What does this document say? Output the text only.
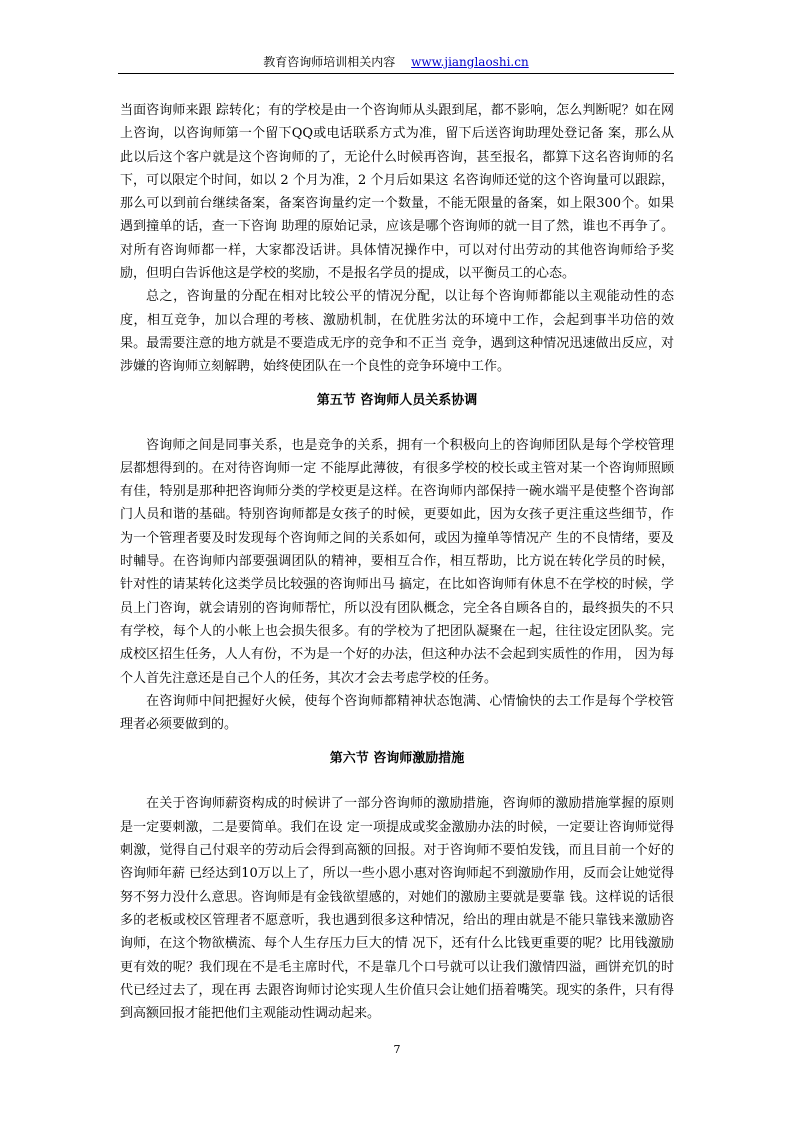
教育咨询师培训相关内容 www.jianglaoshi.cn

当面咨询师来跟 踪转化；有的学校是由一个咨询师从头跟到尾，都不影响，怎么判断呢？如在网上咨询，以咨询师第一个留下QQ或电话联系方式为准，留下后送咨询助理处登记备 案，那么从此以后这个客户就是这个咨询师的了，无论什么时候再咨询，甚至报名，都算下这名咨询师的名下，可以限定个时间，如以 2 个月为准，2 个月后如果这 名咨询师还觉的这个咨询量可以跟踪，那么可以到前台继续备案，备案咨询量约定一个数量，不能无限量的备案，如上限300个。如果遇到撞单的话，查一下咨询 助理的原始记录，应该是哪个咨询师的就一目了然，谁也不再争了。对所有咨询师都一样，大家都没话讲。具体情况操作中，可以对付出劳动的其他咨询师给予奖 励，但明白告诉他这是学校的奖励，不是报名学员的提成，以平衡员工的心态。

总之，咨询量的分配在相对比较公平的情况分配，以让每个咨询师都能以主观能动性的态度，相互竞争，加以合理的考核、激励机制，在优胜劣汰的环境中工作，会起到事半功倍的效果。最需要注意的地方就是不要造成无序的竞争和不正当 竞争，遇到这种情况迅速做出反应，对涉嫌的咨询师立刻解聘，始终使团队在一个良性的竞争环境中工作。

第五节 咨询师人员关系协调

咨询师之间是同事关系，也是竞争的关系，拥有一个积极向上的咨询师团队是每个学校管理层都想得到的。在对待咨询师一定 不能厚此薄彼，有很多学校的校长或主管对某一个咨询师照顾有佳，特别是那种把咨询师分类的学校更是这样。在咨询师内部保持一碗水端平是使整个咨询部门人员和谐的基础。特别咨询师都是女孩子的时候，更要如此，因为女孩子更注重这些细节，作为一个管理者要及时发现每个咨询师之间的关系如何，或因为撞单等情况产 生的不良情绪，要及时輔导。在咨询师内部要强调团队的精神，要相互合作，相互帮助，比方说在转化学员的时候，针对性的请某转化这类学员比较强的咨询师出马 搞定，在比如咨询师有休息不在学校的时候，学员上门咨询，就会请别的咨询师帮忙，所以没有团队概念，完全各自顾各自的，最终损失的不只有学校，每个人的小帐上也会损失很多。有的学校为了把团队凝聚在一起，往往设定团队奖。完成校区招生任务，人人有份，不为是一个好的办法，但这种办法不会起到实质性的作用， 因为每个人首先注意还是自己个人的任务，其次才会去考虑学校的任务。

在咨询师中间把握好火候，使每个咨询师都精神状态饱满、心情愉快的去工作是每个学校管理者必须要做到的。

第六节 咨询师激励措施

在关于咨询师薪资构成的时候讲了一部分咨询师的激励措施，咨询师的激励措施掌握的原则是一定要刺激，二是要简单。我们在设 定一项提成或奖金激励办法的时候，一定要让咨询师觉得刺激，觉得自己付艰辛的劳动后会得到高额的回报。对于咨询师不要怕发钱，而且目前一个好的咨询师年薪 已经达到10万以上了，所以一些小恩小惠对咨询师起不到激励作用，反而会让她觉得努不努力没什么意思。咨询师是有金钱欲望感的，对她们的激励主要就是要靠 钱。这样说的话很多的老板或校区管理者不愿意听，我也遇到很多这种情况，给出的理由就是不能只靠钱来激励咨询师，在这个物欲横流、每个人生存压力巨大的情 况下，还有什么比钱更重要的呢？比用钱激励更有效的呢？我们现在不是毛主席时代，不是靠几个口号就可以让我们激情四溢，画饼充饥的时代已经过去了，现在再 去跟咨询师讨论实现人生价值只会让她们捂着嘴笑。现实的条件，只有得到高额回报才能把他们主观能动性调动起来。

7
